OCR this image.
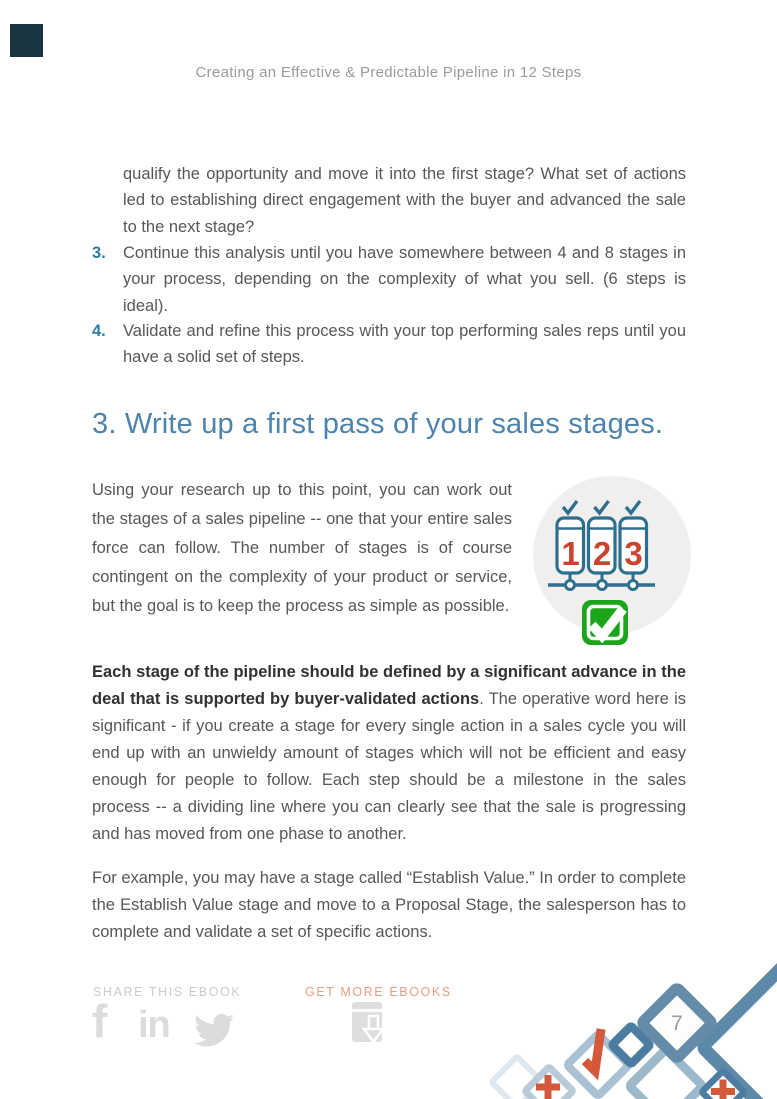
Creating an Effective & Predictable Pipeline in 12 Steps
qualify the opportunity and move it into the first stage? What set of actions led to establishing direct engagement with the buyer and advanced the sale to the next stage?
3. Continue this analysis until you have somewhere between 4 and 8 stages in your process, depending on the complexity of what you sell. (6 steps is ideal).
4. Validate and refine this process with your top performing sales reps until you have a solid set of steps.
3. Write up a first pass of your sales stages.
Using your research up to this point, you can work out the stages of a sales pipeline -- one that your entire sales force can follow. The number of stages is of course contingent on the complexity of your product or service, but the goal is to keep the process as simple as possible.
1 2 3
Each stage of the pipeline should be defined by a significant advance in the deal that is supported by buyer-validated actions. The operative word here is significant - if you create a stage for every single action in a sales cycle you will end up with an unwieldy amount of stages which will not be efficient and easy enough for people to follow. Each step should be a milestone in the sales process -- a dividing line where you can clearly see that the sale is progressing and has moved from one phase to another.
For example, you may have a stage called “Establish Value.” In order to complete the Establish Value stage and move to a Proposal Stage, the salesperson has to complete and validate a set of specific actions.
SHARE THIS EBOOK	GET MORE EBOOKS
f in	7
